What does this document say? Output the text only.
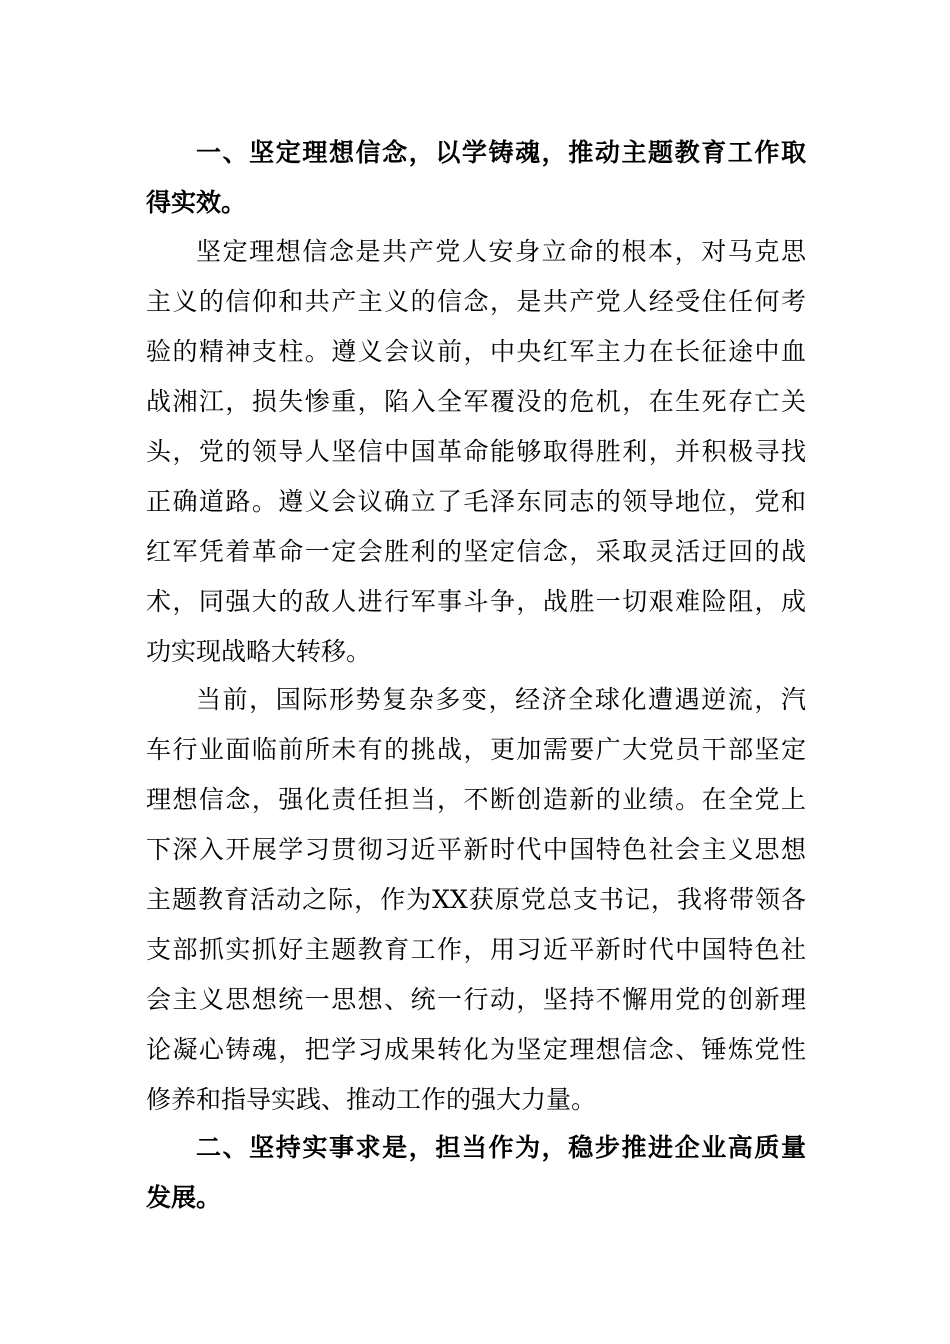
一、坚定理想信念，以学铸魂，推动主题教育工作取
得实效。
坚定理想信念是共产党人安身立命的根本，对马克思
主义的信仰和共产主义的信念，是共产党人经受住任何考
验的精神支柱。遵义会议前，中央红军主力在长征途中血
战湘江，损失惨重，陷入全军覆没的危机，在生死存亡关
头，党的领导人坚信中国革命能够取得胜利，并积极寻找
正确道路。遵义会议确立了毛泽东同志的领导地位，党和
红军凭着革命一定会胜利的坚定信念，采取灵活迂回的战
术，同强大的敌人进行军事斗争，战胜一切艰难险阻，成
功实现战略大转移。
当前，国际形势复杂多变，经济全球化遭遇逆流，汽
车行业面临前所未有的挑战，更加需要广大党员干部坚定
理想信念，强化责任担当，不断创造新的业绩。在全党上
下深入开展学习贯彻习近平新时代中国特色社会主义思想
主题教育活动之际，作为XX获原党总支书记，我将带领各
支部抓实抓好主题教育工作，用习近平新时代中国特色社
会主义思想统一思想、统一行动，坚持不懈用党的创新理
论凝心铸魂，把学习成果转化为坚定理想信念、锤炼党性
修养和指导实践、推动工作的强大力量。
二、坚持实事求是，担当作为，稳步推进企业高质量
发展。
